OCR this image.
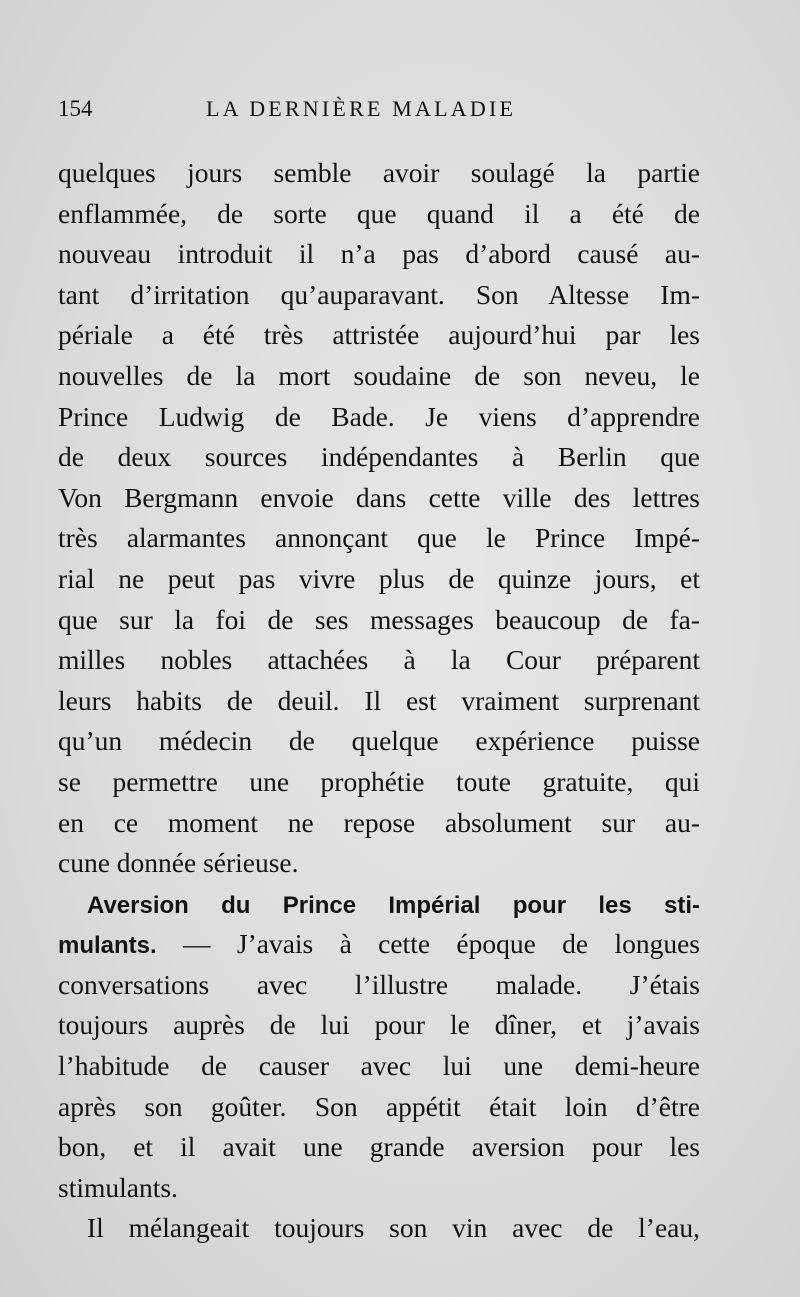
154	LA DERNIÈRE MALADIE
quelques jours semble avoir soulagé la partie
enflammée, de sorte que quand il a été de
nouveau introduit il n’a pas d’abord causé au-
tant d’irritation qu’auparavant. Son Altesse Im-
périale a été très attristée aujourd’hui par les
nouvelles de la mort soudaine de son neveu, le
Prince Ludwig de Bade. Je viens d’apprendre
de deux sources indépendantes à Berlin que
Von Bergmann envoie dans cette ville des lettres
très alarmantes annonçant que le Prince Impé-
rial ne peut pas vivre plus de quinze jours, et
que sur la foi de ses messages beaucoup de fa-
milles nobles attachées à la Cour préparent
leurs habits de deuil. Il est vraiment surprenant
qu’un médecin de quelque expérience puisse
se permettre une prophétie toute gratuite, qui
en ce moment ne repose absolument sur au-
cune donnée sérieuse.
Aversion du Prince Impérial pour les sti-
mulants. — J’avais à cette époque de longues
conversations avec l’illustre malade. J’étais
toujours auprès de lui pour le dîner, et j’avais
l’habitude de causer avec lui une demi-heure
après son goûter. Son appétit était loin d’être
bon, et il avait une grande aversion pour les
stimulants.
Il mélangeait toujours son vin avec de l’eau,
